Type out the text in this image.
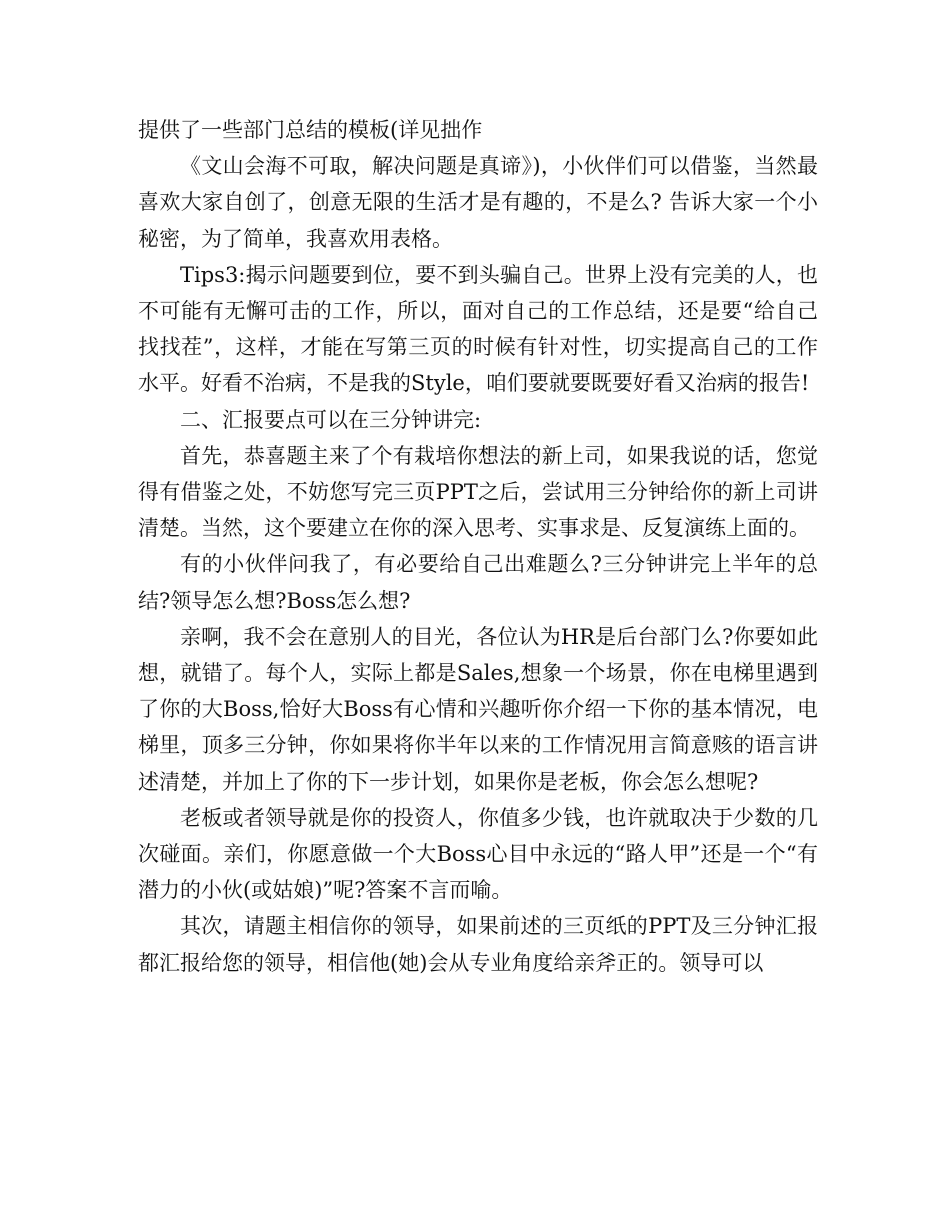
提供了一些部门总结的模板(详见拙作

《文山会海不可取，解决问题是真谛》)，小伙伴们可以借鉴，当然最喜欢大家自创了，创意无限的生活才是有趣的，不是么? 告诉大家一个小秘密，为了简单，我喜欢用表格。

Tips3:揭示问题要到位，要不到头骗自己。世界上没有完美的人，也不可能有无懈可击的工作，所以，面对自己的工作总结，还是要“给自己找找茬”，这样，才能在写第三页的时候有针对性，切实提高自己的工作水平。好看不治病，不是我的Style，咱们要就要既要好看又治病的报告!

二、汇报要点可以在三分钟讲完:

首先，恭喜题主来了个有栽培你想法的新上司，如果我说的话，您觉得有借鉴之处，不妨您写完三页PPT之后，尝试用三分钟给你的新上司讲清楚。当然，这个要建立在你的深入思考、实事求是、反复演练上面的。

有的小伙伴问我了，有必要给自己出难题么?三分钟讲完上半年的总结?领导怎么想?Boss怎么想?

亲啊，我不会在意别人的目光，各位认为HR是后台部门么?你要如此想，就错了。每个人，实际上都是Sales,想象一个场景，你在电梯里遇到了你的大Boss,恰好大Boss有心情和兴趣听你介绍一下你的基本情况，电梯里，顶多三分钟，你如果将你半年以来的工作情况用言简意赅的语言讲述清楚，并加上了你的下一步计划，如果你是老板，你会怎么想呢?

老板或者领导就是你的投资人，你值多少钱，也许就取决于少数的几次碰面。亲们，你愿意做一个大Boss心目中永远的“路人甲”还是一个“有潜力的小伙(或姑娘)”呢?答案不言而喻。

其次，请题主相信你的领导，如果前述的三页纸的PPT及三分钟汇报都汇报给您的领导，相信他(她)会从专业角度给亲斧正的。领导可以
